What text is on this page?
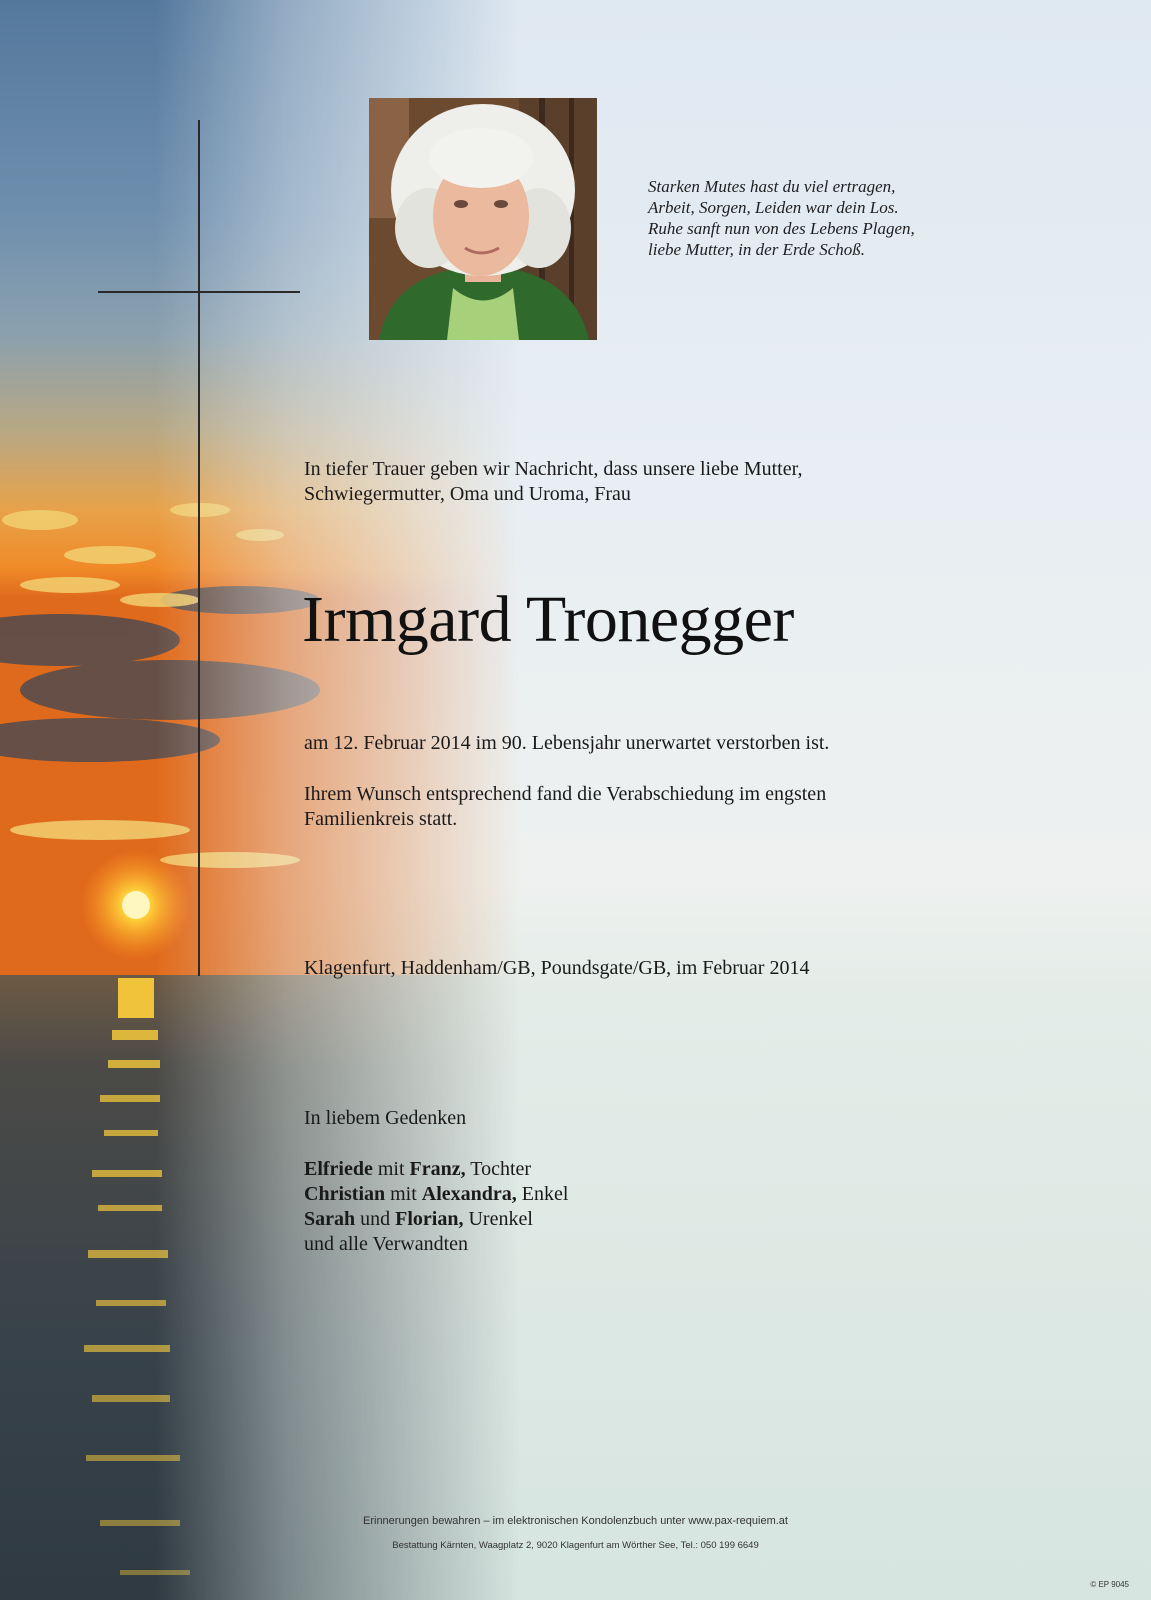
Starken Mutes hast du viel ertragen,
Arbeit, Sorgen, Leiden war dein Los.
Ruhe sanft nun von des Lebens Plagen,
liebe Mutter, in der Erde Schoß.
In tiefer Trauer geben wir Nachricht, dass unsere liebe Mutter,
Schwiegermutter, Oma und Uroma, Frau
Irmgard Tronegger
am 12. Februar 2014 im 90. Lebensjahr unerwartet verstorben ist.
Ihrem Wunsch entsprechend fand die Verabschiedung im engsten
Familienkreis statt.
Klagenfurt, Haddenham/GB, Poundsgate/GB, im Februar 2014
In liebem Gedenken
Elfriede mit Franz, Tochter
Christian mit Alexandra, Enkel
Sarah und Florian, Urenkel
und alle Verwandten
Erinnerungen bewahren – im elektronischen Kondolenzbuch unter www.pax-requiem.at
Bestattung Kärnten, Waagplatz 2, 9020 Klagenfurt am Wörther See, Tel.: 050 199 6649
© EP 9045
